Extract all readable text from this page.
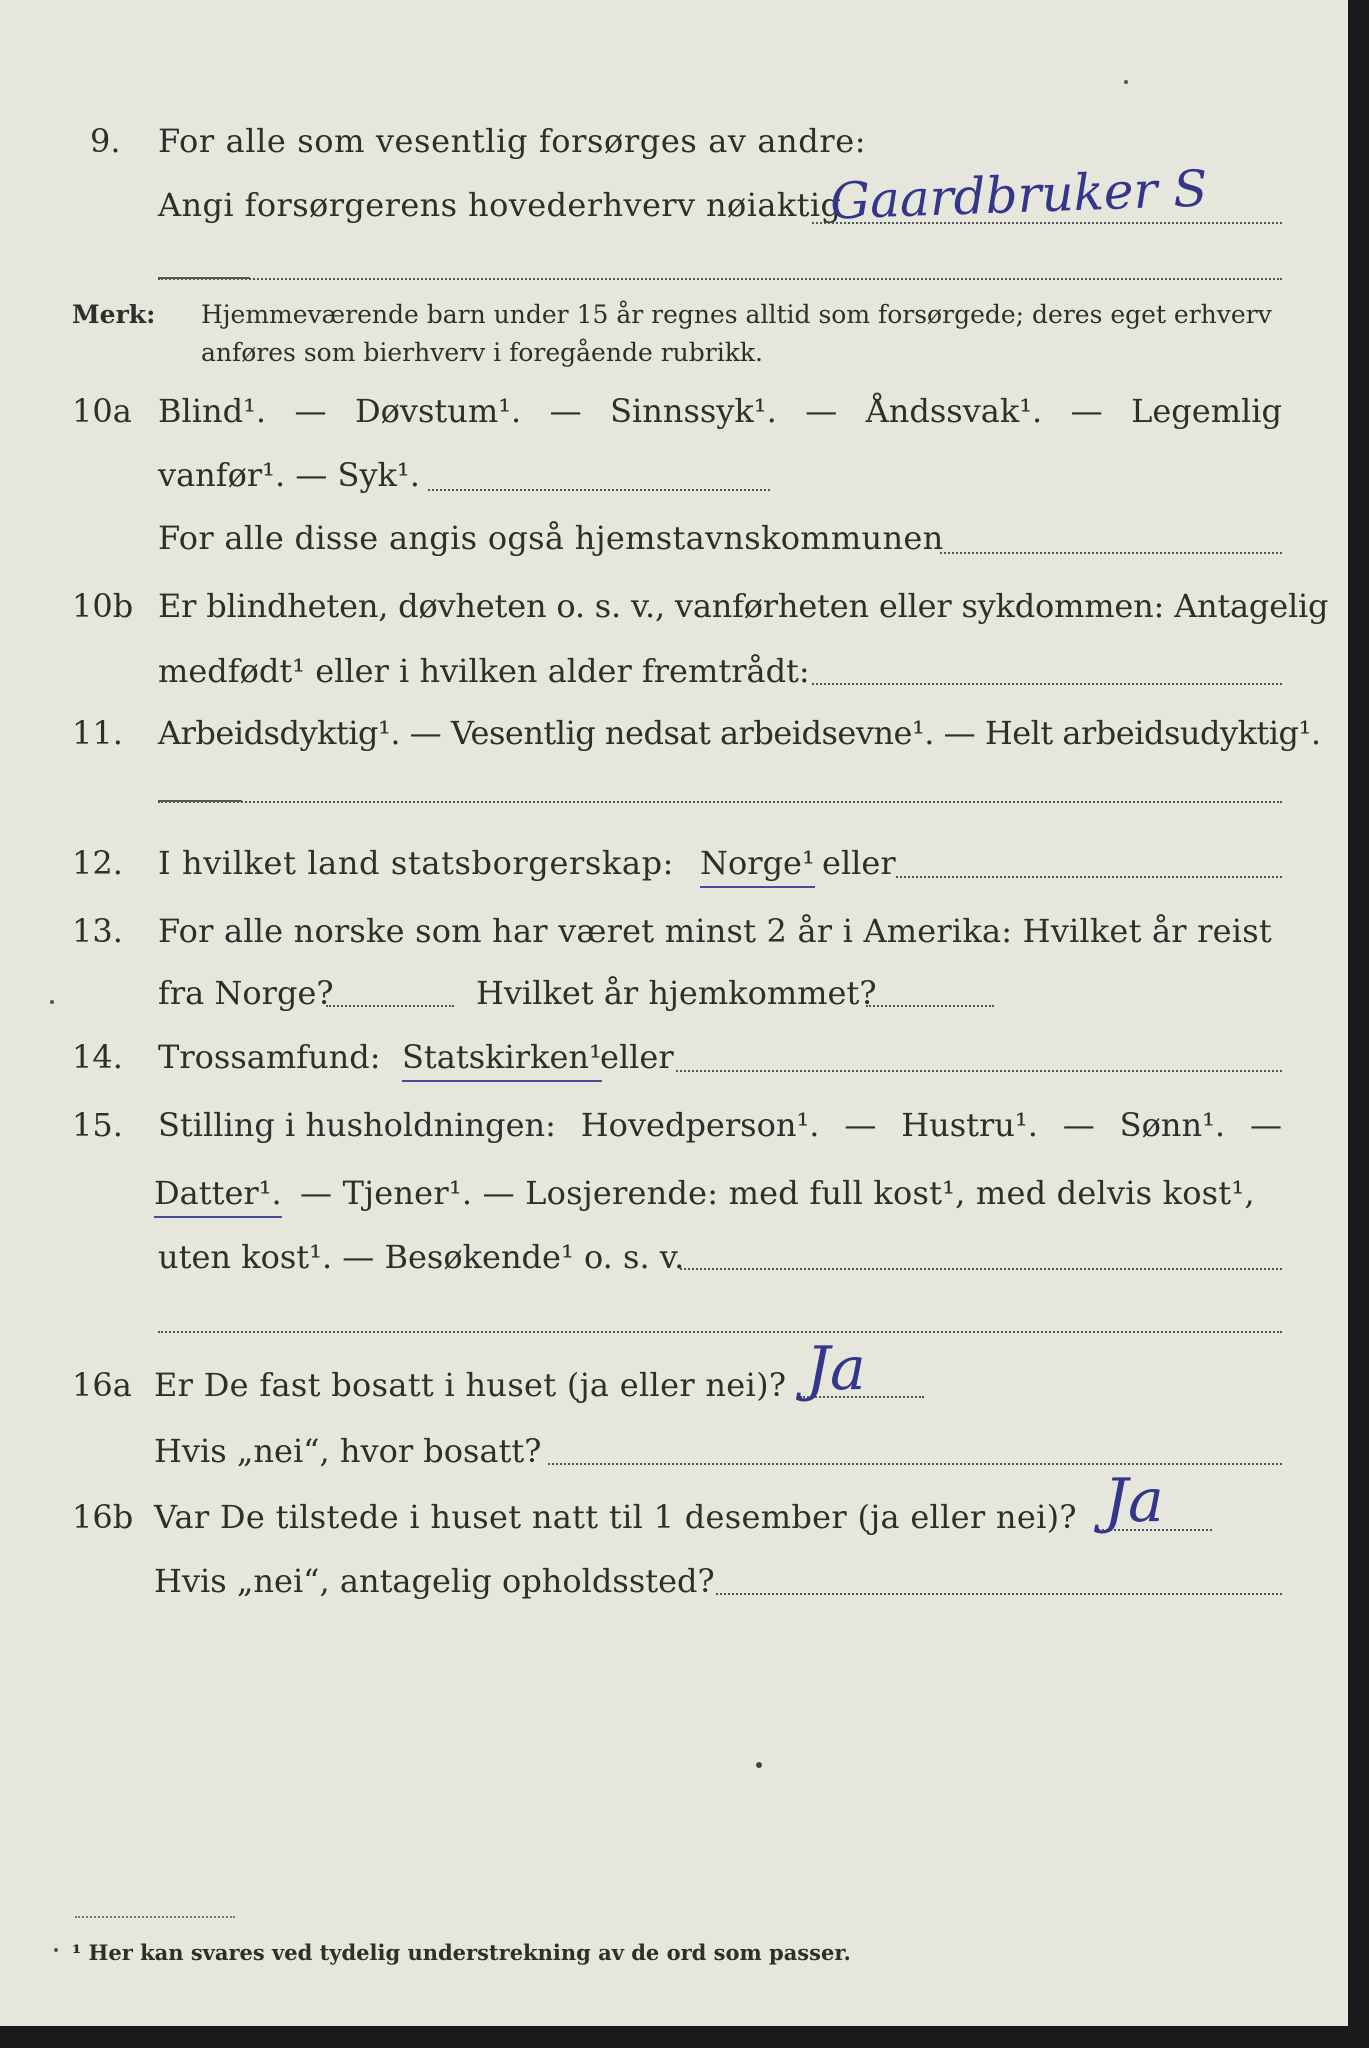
9. For alle som vesentlig forsørges av andre:
Angi forsørgerens hovederhverv nøiaktig
Gaardbruker S
Merk: Hjemmeværende barn under 15 år regnes alltid som forsørgede; deres eget erhverv
anføres som bierhverv i foregående rubrikk.
10a Blind¹. — Døvstum¹. — Sinnssyk¹. — Åndssvak¹. — Legemlig
vanfør¹. — Syk¹.
For alle disse angis også hjemstavnskommunen
10b Er blindheten, døvheten o. s. v., vanførheten eller sykdommen: Antagelig
medfødt¹ eller i hvilken alder fremtrådt:
11. Arbeidsdyktig¹. — Vesentlig nedsat arbeidsevne¹. — Helt arbeidsudyktig¹.
12. I hvilket land statsborgerskap: Norge¹ eller
13. For alle norske som har været minst 2 år i Amerika: Hvilket år reist
fra Norge?	Hvilket år hjemkommet?
14. Trossamfund: Statskirken¹
eller
15. Stilling i husholdningen: Hovedperson¹. — Hustru¹. — Sønn¹. —
Datter¹. — Tjener¹. — Losjerende: med full kost¹, med delvis kost¹,
uten kost¹. — Besøkende¹ o. s. v.
16a Er De fast bosatt i huset (ja eller nei)? Ja
Hvis „nei“, hvor bosatt?
16b Var De tilstede i huset natt til 1 desember (ja eller nei)? Ja
Hvis „nei“, antagelig opholdssted?
¹ Her kan svares ved tydelig understrekning av de ord som passer.
